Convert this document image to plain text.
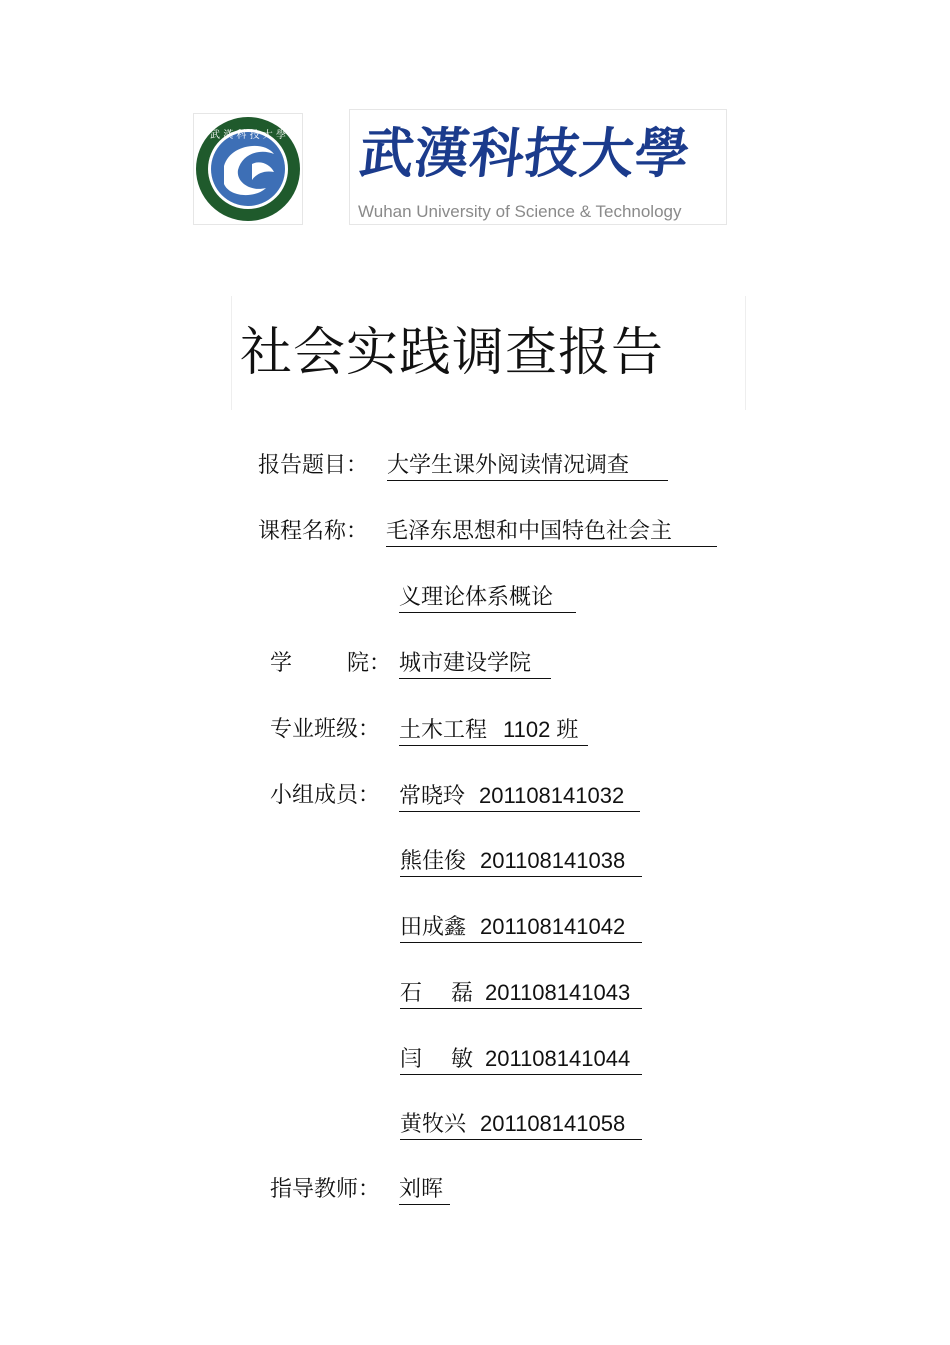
武 漢 科 技 大 學 武漢科技大學
Wuhan University of Science & Technology
社会实践调查报告
报告题目： 大学生课外阅读情况调查
课程名称： 毛泽东思想和中国特色社会主
义理论体系概论
学 院： 城市建设学院
专业班级： 土木工程 1102 班
小组成员： 常晓玲 201108141032
熊佳俊 201108141038
田成鑫 201108141042
石　 磊 201108141043
闫　 敏 201108141044
黄牧兴 201108141058
指导教师： 刘晖
